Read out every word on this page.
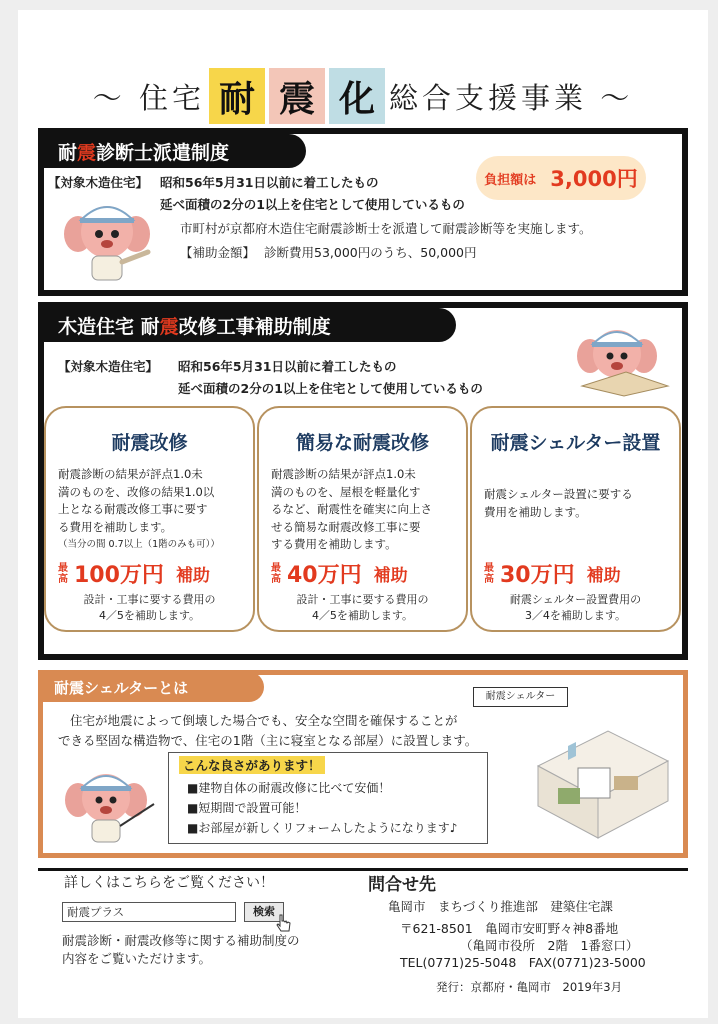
〜 住宅 耐 震 化 総合支援事業 〜
耐 震 診断士派遣制度
負担額は 3,000円
【対象木造住宅】 昭和56年5月31日以前に着工したもの
延べ面積の2分の1以上を住宅として使用しているもの
市町村が京都府木造住宅耐震診断士を派遣して耐震診断等を実施します。
【補助金額】 診断費用53,000円のうち、50,000円
木造住宅 耐 震 改修工事補助制度
【対象木造住宅】 昭和56年5月31日以前に着工したもの
延べ面積の2分の1以上を住宅として使用しているもの
耐震改修
耐震診断の結果が評点1.0未
満のものを、改修の結果1.0以
上となる耐震改修工事に要す
る費用を補助します。
（当分の間 0.7以上（1階のみも可））
最高 100万円 補助
設計・工事に要する費用の
4／5を補助します。
簡易な耐震改修
耐震診断の結果が評点1.0未
満のものを、屋根を軽量化す
るなど、耐震性を確実に向上さ
せる簡易な耐震改修工事に要
する費用を補助します。
最高 40万円 補助
設計・工事に要する費用の
4／5を補助します。
耐震シェルター設置
耐震シェルター設置に要する
費用を補助します。
最高 30万円 補助
耐震シェルター設置費用の
3／4を補助します。
耐震シェルターとは
住宅が地震によって倒壊した場合でも、安全な空間を確保することが
できる堅固な構造物で、住宅の1階（主に寝室となる部屋）に設置します。
耐震シェルター
こんな良さがあります！
■建物自体の耐震改修に比べて安価！
■短期間で設置可能！
■お部屋が新しくリフォームしたようになります♪
詳しくはこちらをご覧ください！
耐震プラス	検索
耐震診断・耐震改修等に関する補助制度の
内容をご覧いただけます。
問合せ先
亀岡市　まちづくり推進部　建築住宅課
〒621-8501　亀岡市安町野々神8番地
（亀岡市役所　2階　1番窓口）
TEL(0771)25-5048　FAX(0771)23-5000
発行：京都府・亀岡市　2019年3月
